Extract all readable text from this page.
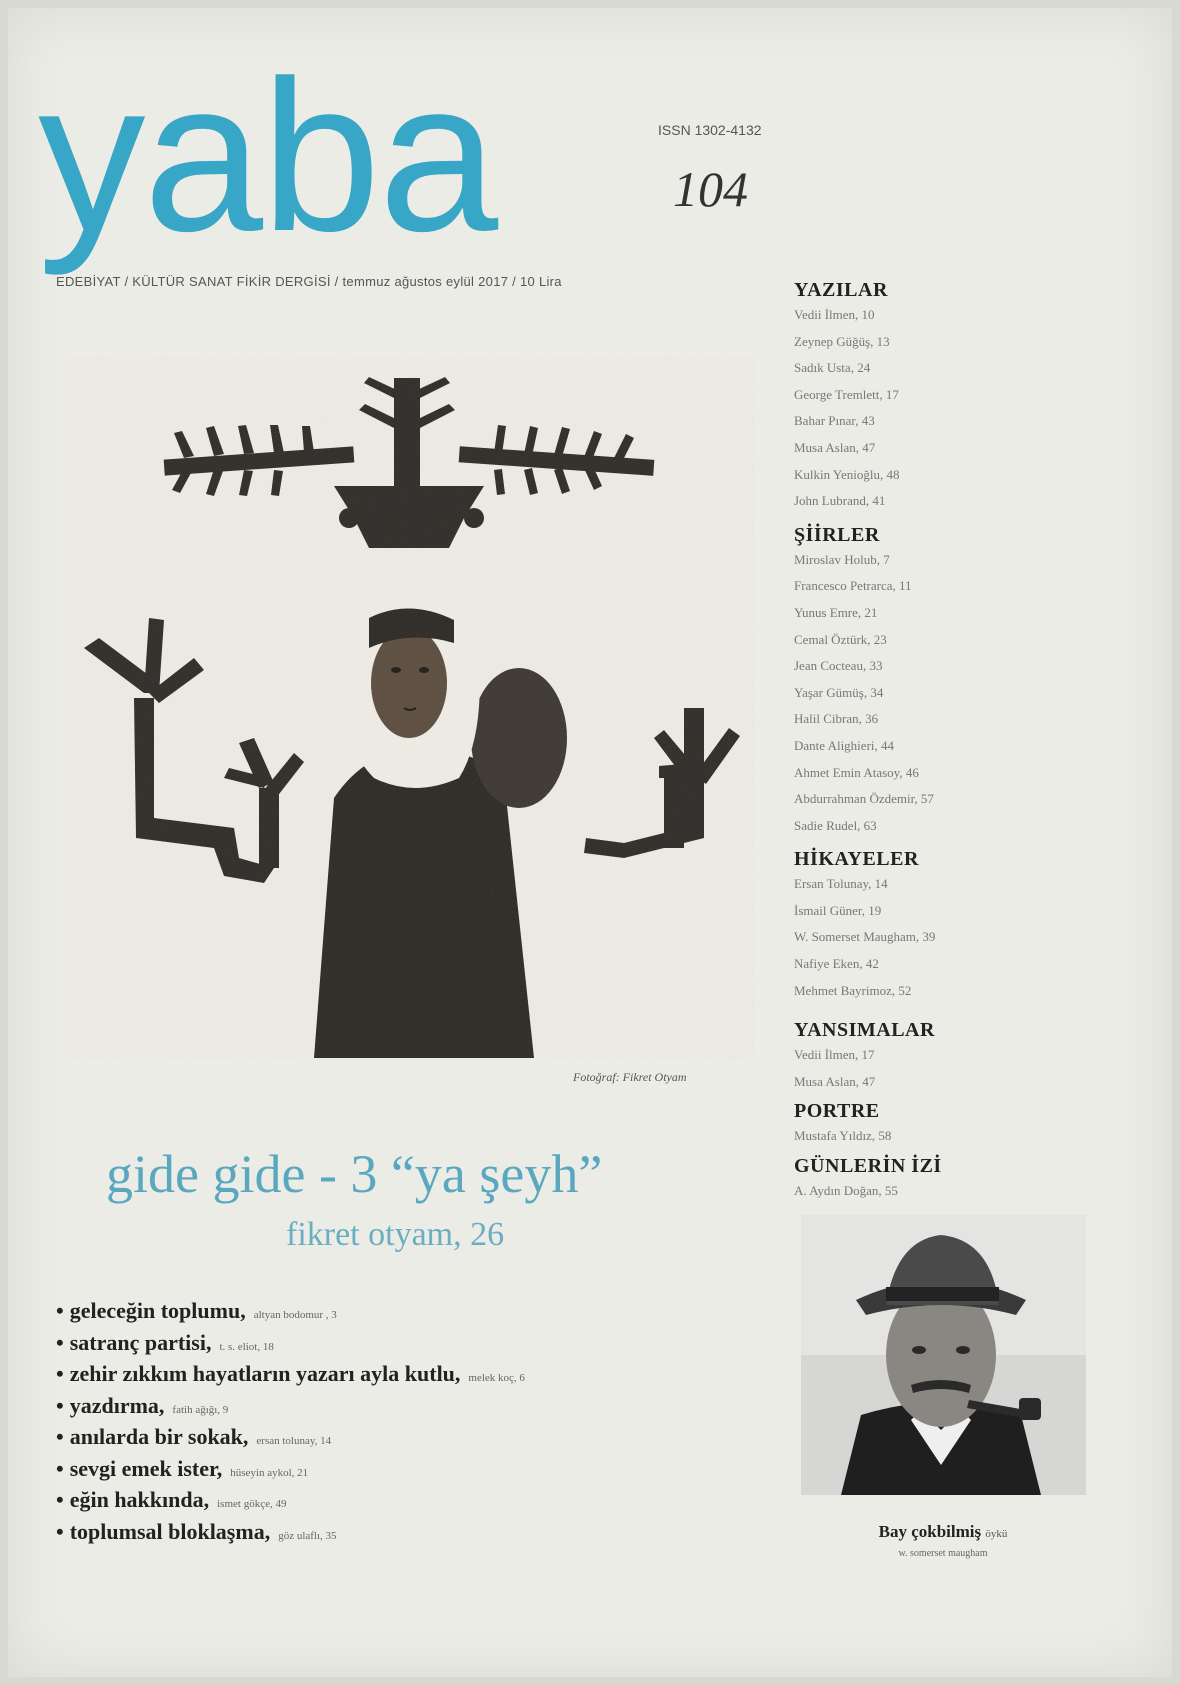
yaba	ISSN 1302-4132
104
EDEBİYAT / KÜLTÜR SANAT FİKİR DERGİSİ / temmuz ağustos eylül 2017 / 10 Lira
Fotoğraf: Fikret Otyam
gide gide - 3 “ya şeyh”
fikret otyam, 26
• geleceğin toplumu, altyan bodomur , 3
• satranç partisi, t. s. eliot, 18
• zehir zıkkım hayatların yazarı ayla kutlu, melek koç, 6
• yazdırma, fatih ağığı, 9
• anılarda bir sokak, ersan tolunay, 14
• sevgi emek ister, hüseyin aykol, 21
• eğin hakkında, ismet gökçe, 49
• toplumsal bloklaşma, göz ulaflı, 35
YAZILAR
Vedii İlmen, 10
Zeynep Güğüş, 13
Sadık Usta, 24
George Tremlett, 17
Bahar Pınar, 43
Musa Aslan, 47
Kulkin Yenioğlu, 48
John Lubrand, 41
ŞİİRLER
Miroslav Holub, 7
Francesco Petrarca, 11
Yunus Emre, 21
Cemal Öztürk, 23
Jean Cocteau, 33
Yaşar Gümüş, 34
Halil Cibran, 36
Dante Alighieri, 44
Ahmet Emin Atasoy, 46
Abdurrahman Özdemir, 57
Sadie Rudel, 63
HİKAYELER
Ersan Tolunay, 14
İsmail Güner, 19
W. Somerset Maugham, 39
Nafiye Eken, 42
Mehmet Bayrimoz, 52
YANSIMALAR
Vedii İlmen, 17
Musa Aslan, 47
PORTRE
Mustafa Yıldız, 58
GÜNLERİN İZİ
A. Aydın Doğan, 55
Bay çokbilmiş öykü
w. somerset maugham
